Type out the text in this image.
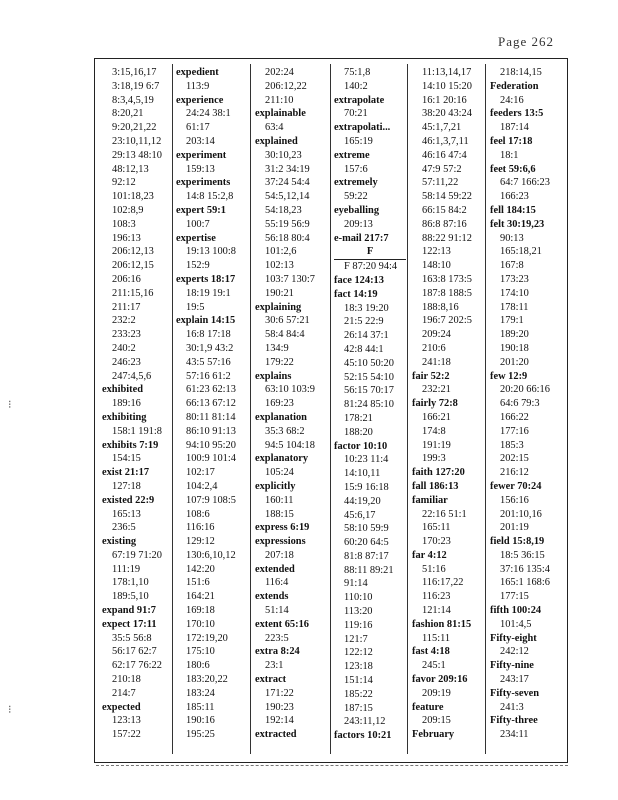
Page 262
⁝
⁝
3:15,16,17
3:18,19 6:7
8:3,4,5,19
8:20,21
9:20,21,22
23:10,11,12
29:13 48:10
48:12,13
92:12
101:18,23
102:8,9
108:3
196:13
206:12,13
206:12,15
206:16
211:15,16
211:17
232:2
233:23
240:2
246:23
247:4,5,6
exhibited
189:16
exhibiting
158:1 191:8
exhibits 7:19
154:15
exist 21:17
127:18
existed 22:9
165:13
236:5
existing
67:19 71:20
111:19
178:1,10
189:5,10
expand 91:7
expect 17:11
35:5 56:8
56:17 62:7
62:17 76:22
210:18
214:7
expected
123:13
157:22
expedient
113:9
experience
24:24 38:1
61:17
203:14
experiment
159:13
experiments
14:8 15:2,8
expert 59:1
100:7
expertise
19:13 100:8
152:9
experts 18:17
18:19 19:1
19:5
explain 14:15
16:8 17:18
30:1,9 43:2
43:5 57:16
57:16 61:2
61:23 62:13
66:13 67:12
80:11 81:14
86:10 91:13
94:10 95:20
100:9 101:4
102:17
104:2,4
107:9 108:5
108:6
116:16
129:12
130:6,10,12
142:20
151:6
164:21
169:18
170:10
172:19,20
175:10
180:6
183:20,22
183:24
185:11
190:16
195:25
202:24
206:12,22
211:10
explainable
63:4
explained
30:10,23
31:2 34:19
37:24 54:4
54:5,12,14
54:18,23
55:19 56:9
56:18 80:4
101:2,6
102:13
103:7 130:7
190:21
explaining
30:6 57:21
58:4 84:4
134:9
179:22
explains
63:10 103:9
169:23
explanation
35:3 68:2
94:5 104:18
explanatory
105:24
explicitly
160:11
188:15
express 6:19
expressions
207:18
extended
116:4
extends
51:14
extent 65:16
223:5
extra 8:24
23:1
extract
171:22
190:23
192:14
extracted
75:1,8
140:2
extrapolate
70:21
extrapolati...
165:19
extreme
157:6
extremely
59:22
eyeballing
209:13
e-mail 217:7
F
F 87:20 94:4
face 124:13
fact 14:19
18:3 19:20
21:5 22:9
26:14 37:1
42:8 44:1
45:10 50:20
52:15 54:10
56:15 70:17
81:24 85:10
178:21
188:20
factor 10:10
10:23 11:4
14:10,11
15:9 16:18
44:19,20
45:6,17
58:10 59:9
60:20 64:5
81:8 87:17
88:11 89:21
91:14
110:10
113:20
119:16
121:7
122:12
123:18
151:14
185:22
187:15
243:11,12
factors 10:21
11:13,14,17
14:10 15:20
16:1 20:16
38:20 43:24
45:1,7,21
46:1,3,7,11
46:16 47:4
47:9 57:2
57:11,22
58:14 59:22
66:15 84:2
86:8 87:16
88:22 91:12
122:13
148:10
163:8 173:5
187:8 188:5
188:8,16
196:7 202:5
209:24
210:6
241:18
fair 52:2
232:21
fairly 72:8
166:21
174:8
191:19
199:3
faith 127:20
fall 186:13
familiar
22:16 51:1
165:11
170:23
far 4:12
51:16
116:17,22
116:23
121:14
fashion 81:15
115:11
fast 4:18
245:1
favor 209:16
209:19
feature
209:15
February
218:14,15
Federation
24:16
feeders 13:5
187:14
feel 17:18
18:1
feet 59:6,6
64:7 166:23
166:23
fell 184:15
felt 30:19,23
90:13
165:18,21
167:8
173:23
174:10
178:11
179:1
189:20
190:18
201:20
few 12:9
20:20 66:16
64:6 79:3
166:22
177:16
185:3
202:15
216:12
fewer 70:24
156:16
201:10,16
201:19
field 15:8,19
18:5 36:15
37:16 135:4
165:1 168:6
177:15
fifth 100:24
101:4,5
Fifty-eight
242:12
Fifty-nine
243:17
Fifty-seven
241:3
Fifty-three
234:11
